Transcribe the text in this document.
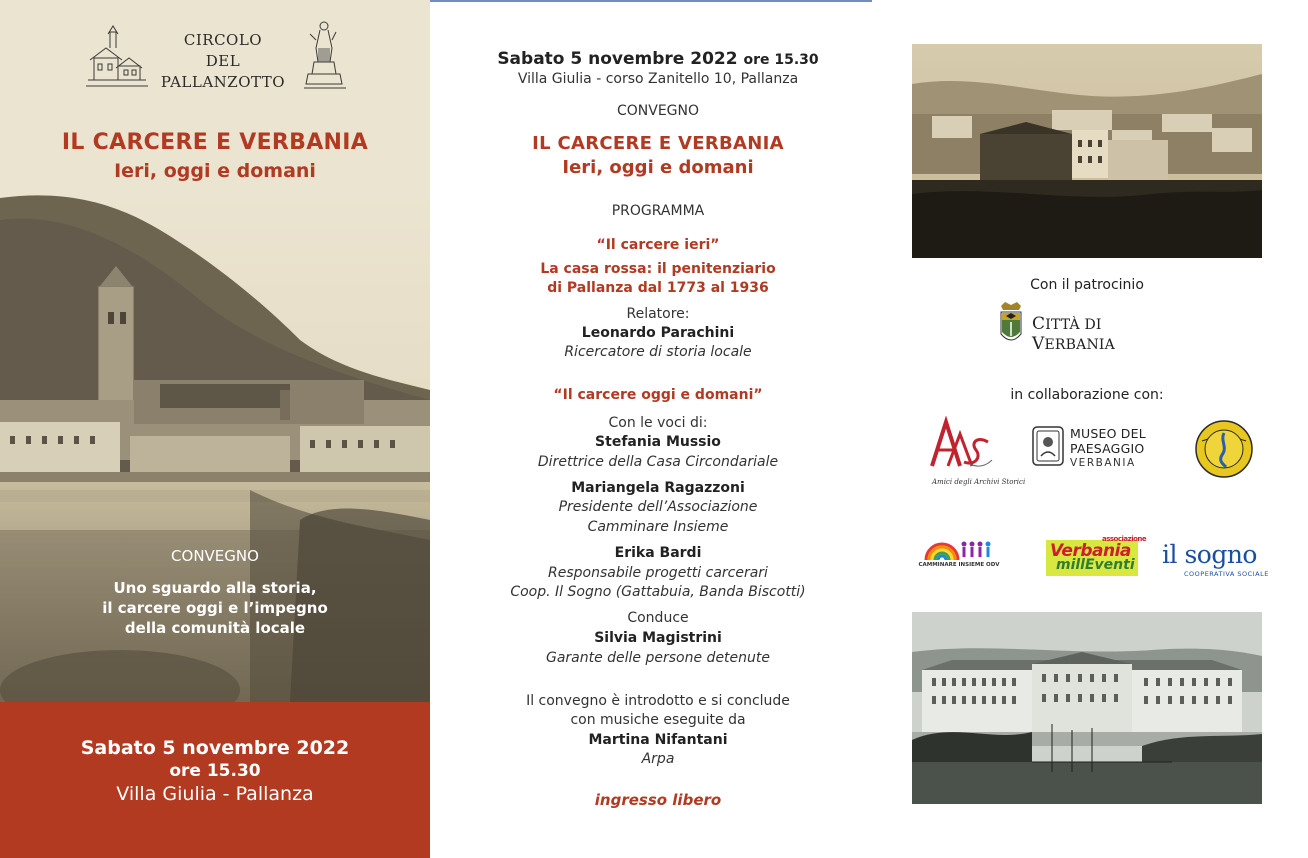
CIRCOLO
DEL
PALLANZOTTO
IL CARCERE E VERBANIA
Ieri, oggi e domani
CONVEGNO
Uno sguardo alla storia,
il carcere oggi e l’impegno
della comunità locale
Sabato 5 novembre 2022
ore 15.30
Villa Giulia - Pallanza
Sabato 5 novembre 2022 ore 15.30
Villa Giulia - corso Zanitello 10, Pallanza
CONVEGNO
IL CARCERE E VERBANIA
Ieri, oggi e domani
PROGRAMMA
“Il carcere ieri”
La casa rossa: il penitenziario
di Pallanza dal 1773 al 1936
Relatore:
Leonardo Parachini
Ricercatore di storia locale
“Il carcere oggi e domani”
Con le voci di:
Stefania Mussio
Direttrice della Casa Circondariale
Mariangela Ragazzoni
Presidente dell’Associazione
Camminare Insieme
Erika Bardi
Responsabile progetti carcerari
Coop. Il Sogno (Gattabuia, Banda Biscotti)
Conduce
Silvia Magistrini
Garante delle persone detenute
Il convegno è introdotto e si conclude
con musiche eseguite da
Martina Nifantani
Arpa
ingresso libero
Con il patrocinio
CITTÀ DI VERBANIA
in collaborazione con:
Amici degli Archivi Storici
MUSEO DEL
PAESAGGIO
VERBANIA
CAMMINARE INSIEME ODV
Verbania
associazione
millEventi il sogno
COOPERATIVA SOCIALE
